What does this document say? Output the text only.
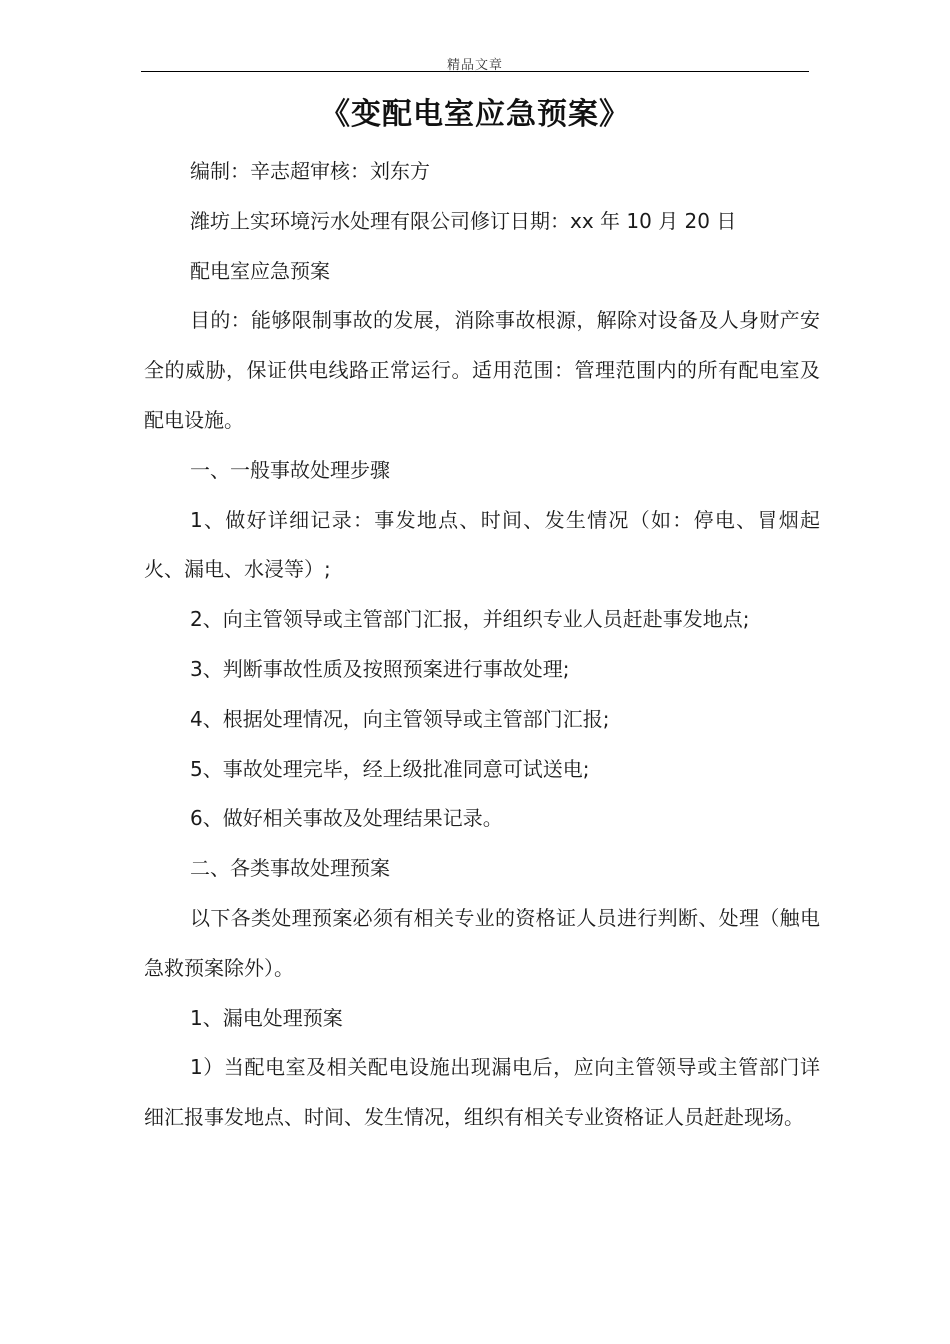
精品文章
《变配电室应急预案》

编制：辛志超审核：刘东方

潍坊上实环境污水处理有限公司修订日期：xx 年 10 月 20 日

配电室应急预案

目的：能够限制事故的发展，消除事故根源，解除对设备及人身财产安全的威胁，保证供电线路正常运行。适用范围：管理范围内的所有配电室及配电设施。

一、一般事故处理步骤

1、做好详细记录：事发地点、时间、发生情况（如：停电、冒烟起火、漏电、水浸等）;

2、向主管领导或主管部门汇报，并组织专业人员赶赴事发地点;

3、判断事故性质及按照预案进行事故处理;

4、根据处理情况，向主管领导或主管部门汇报;

5、事故处理完毕，经上级批准同意可试送电;

6、做好相关事故及处理结果记录。

二、各类事故处理预案

以下各类处理预案必须有相关专业的资格证人员进行判断、处理（触电急救预案除外）。

1、漏电处理预案

1）当配电室及相关配电设施出现漏电后，应向主管领导或主管部门详细汇报事发地点、时间、发生情况，组织有相关专业资格证人员赶赴现场。
